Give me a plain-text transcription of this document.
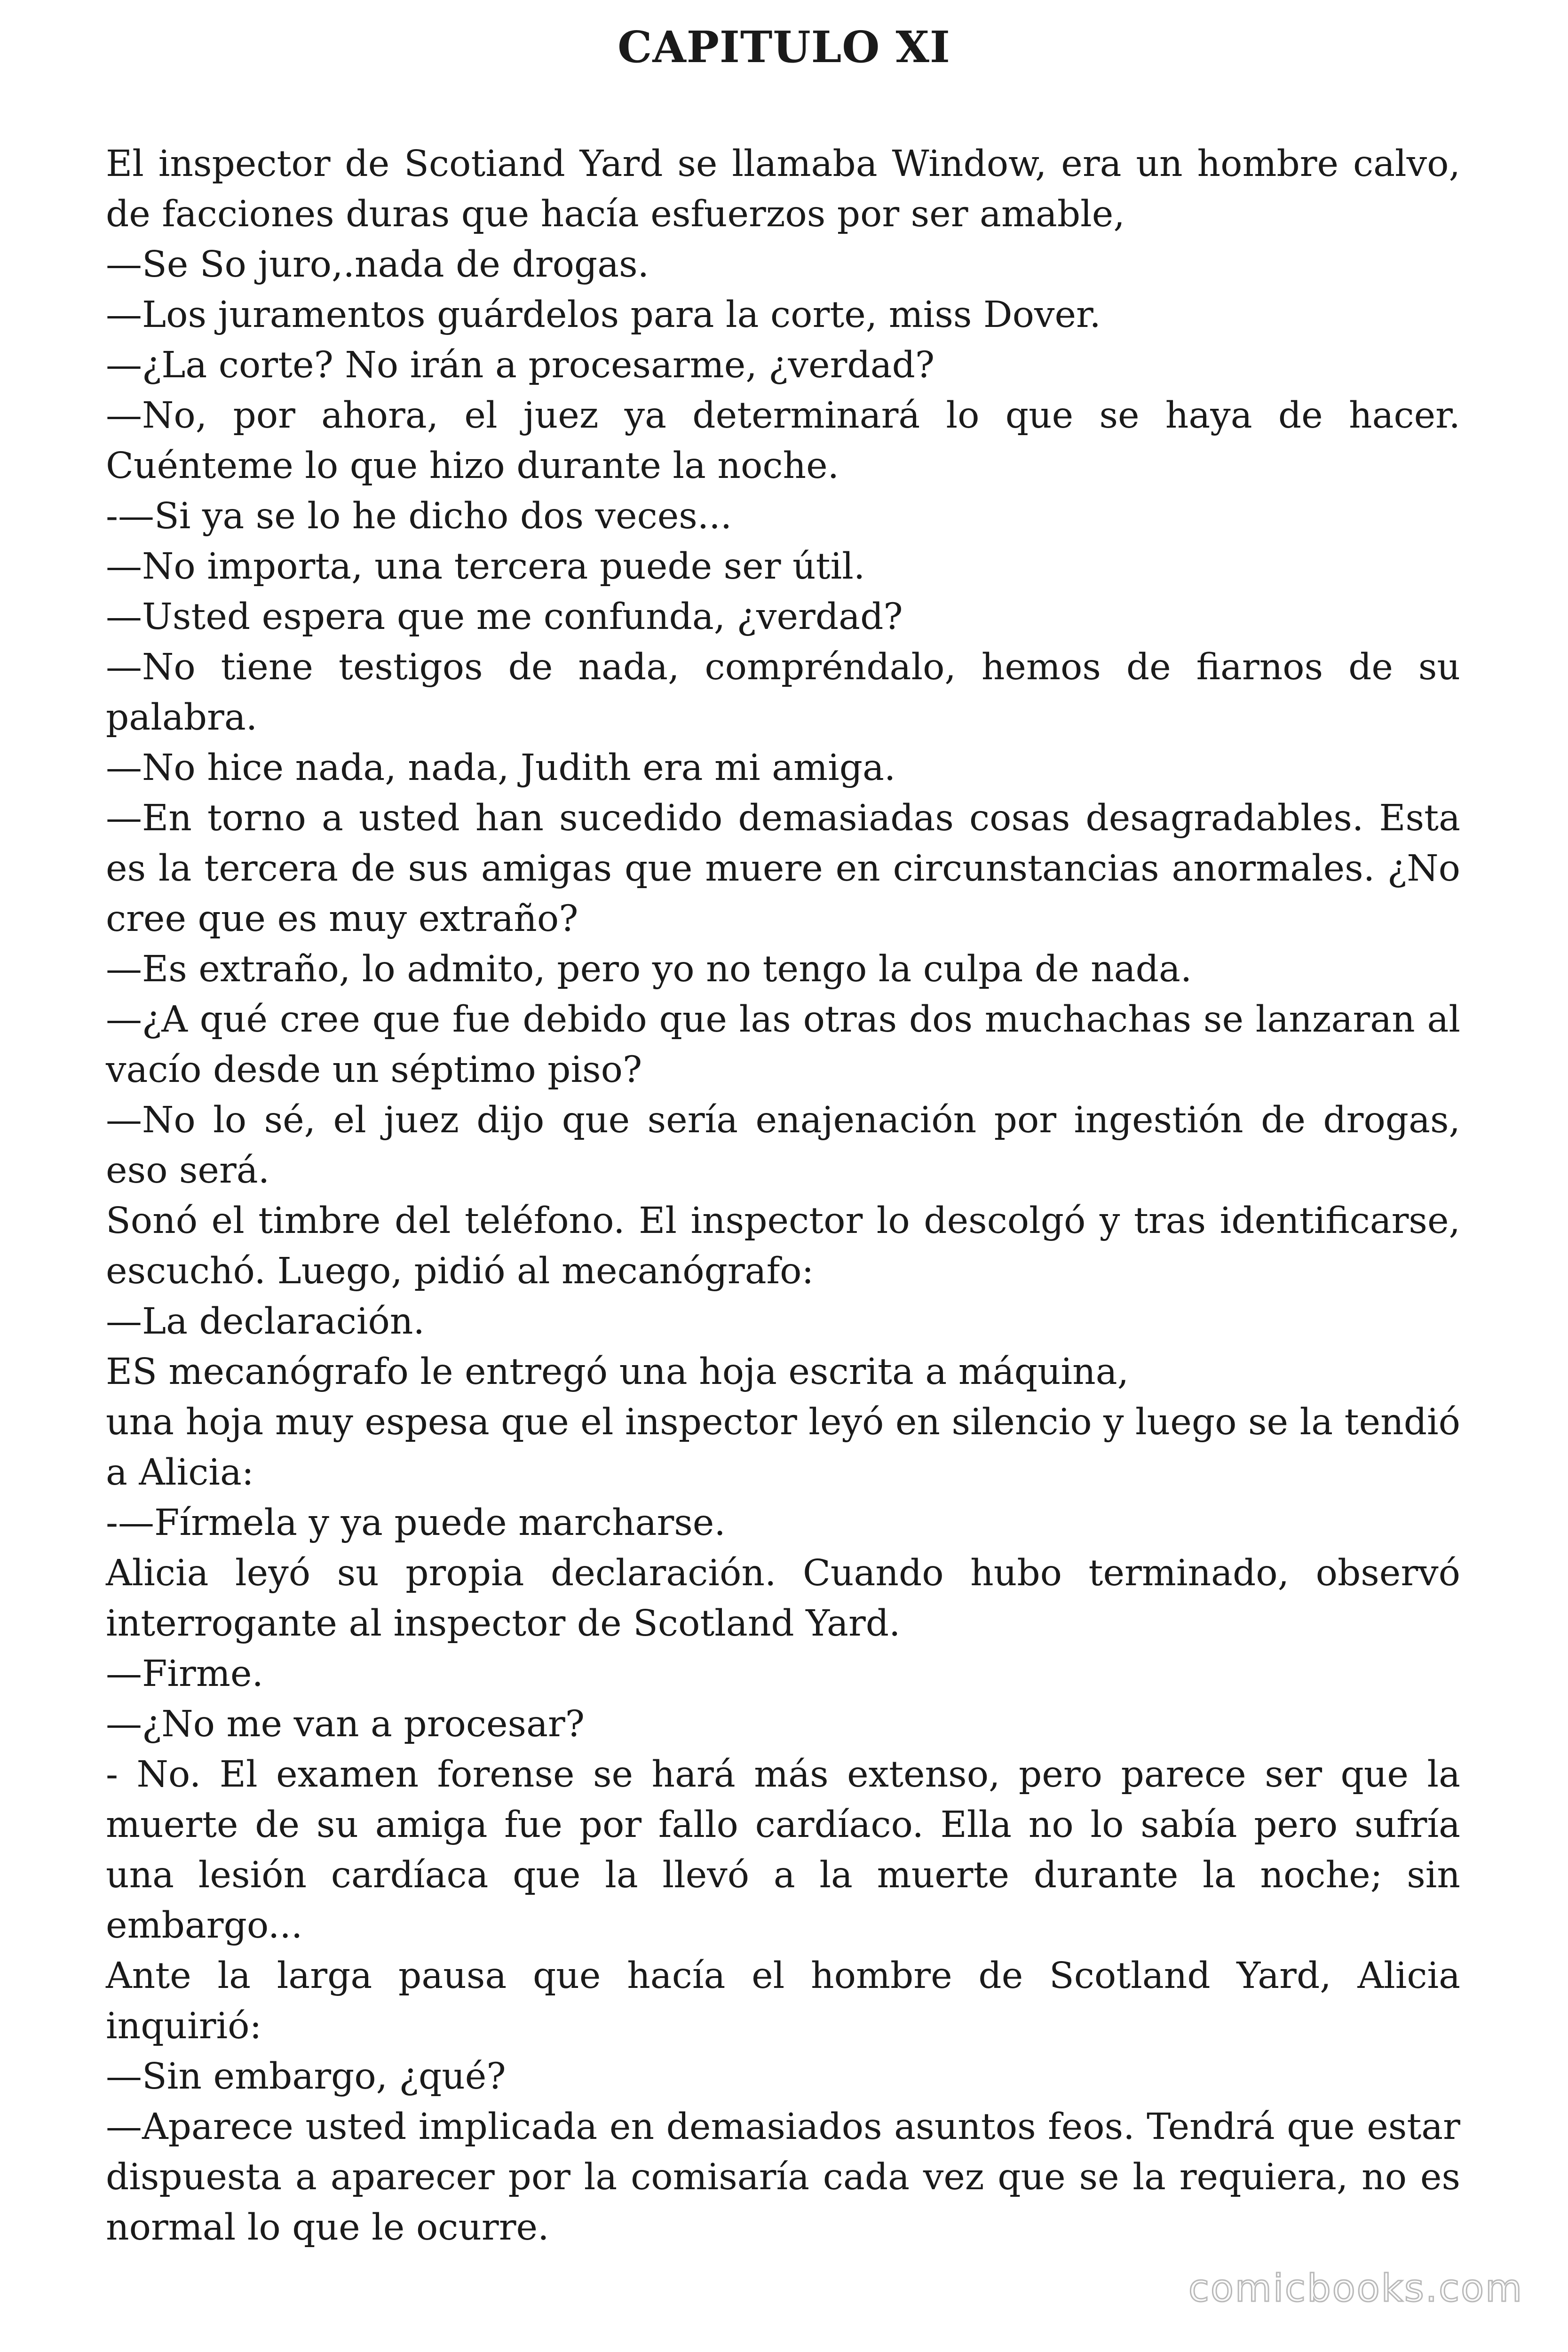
CAPITULO XI

El inspector de Scotiand Yard se llamaba Window, era un hombre calvo, de facciones duras que hacía esfuerzos por ser amable,

—Se So juro,.nada de drogas.

—Los juramentos guárdelos para la corte, miss Dover.

—¿La corte? No irán a procesarme, ¿verdad?

—No, por ahora, el juez ya determinará lo que se haya de hacer. Cuénteme lo que hizo durante la noche.

-—Si ya se lo he dicho dos veces...

—No importa, una tercera puede ser útil.

—Usted espera que me confunda, ¿verdad?

—No tiene testigos de nada, compréndalo, hemos de fiarnos de su palabra.

—No hice nada, nada, Judith era mi amiga.

—En torno a usted han sucedido demasiadas cosas desagradables. Esta es la tercera de sus amigas que muere en circunstancias anormales. ¿No cree que es muy extraño?

—Es extraño, lo admito, pero yo no tengo la culpa de nada.

—¿A qué cree que fue debido que las otras dos muchachas se lanzaran al vacío desde un séptimo piso?

—No lo sé, el juez dijo que sería enajenación por ingestión de drogas, eso será.

Sonó el timbre del teléfono. El inspector lo descolgó y tras identificarse, escuchó. Luego, pidió al mecanógrafo:

—La declaración.

ES mecanógrafo le entregó una hoja escrita a máquina,

una hoja muy espesa que el inspector leyó en silencio y luego se la tendió a Alicia:

-—Fírmela y ya puede marcharse.

Alicia leyó su propia declaración. Cuando hubo terminado, observó interrogante al inspector de Scotland Yard.

—Firme.

—¿No me van a procesar?

- No. El examen forense se hará más extenso, pero parece ser que la muerte de su amiga fue por fallo cardíaco. Ella no lo sabía pero sufría una lesión cardíaca que la llevó a la muerte durante la noche; sin embargo...

Ante la larga pausa que hacía el hombre de Scotland Yard, Alicia inquirió:

—Sin embargo, ¿qué?

—Aparece usted implicada en demasiados asuntos feos. Tendrá que estar dispuesta a aparecer por la comisaría cada vez que se la requiera, no es normal lo que le ocurre.

comicbooks.com
